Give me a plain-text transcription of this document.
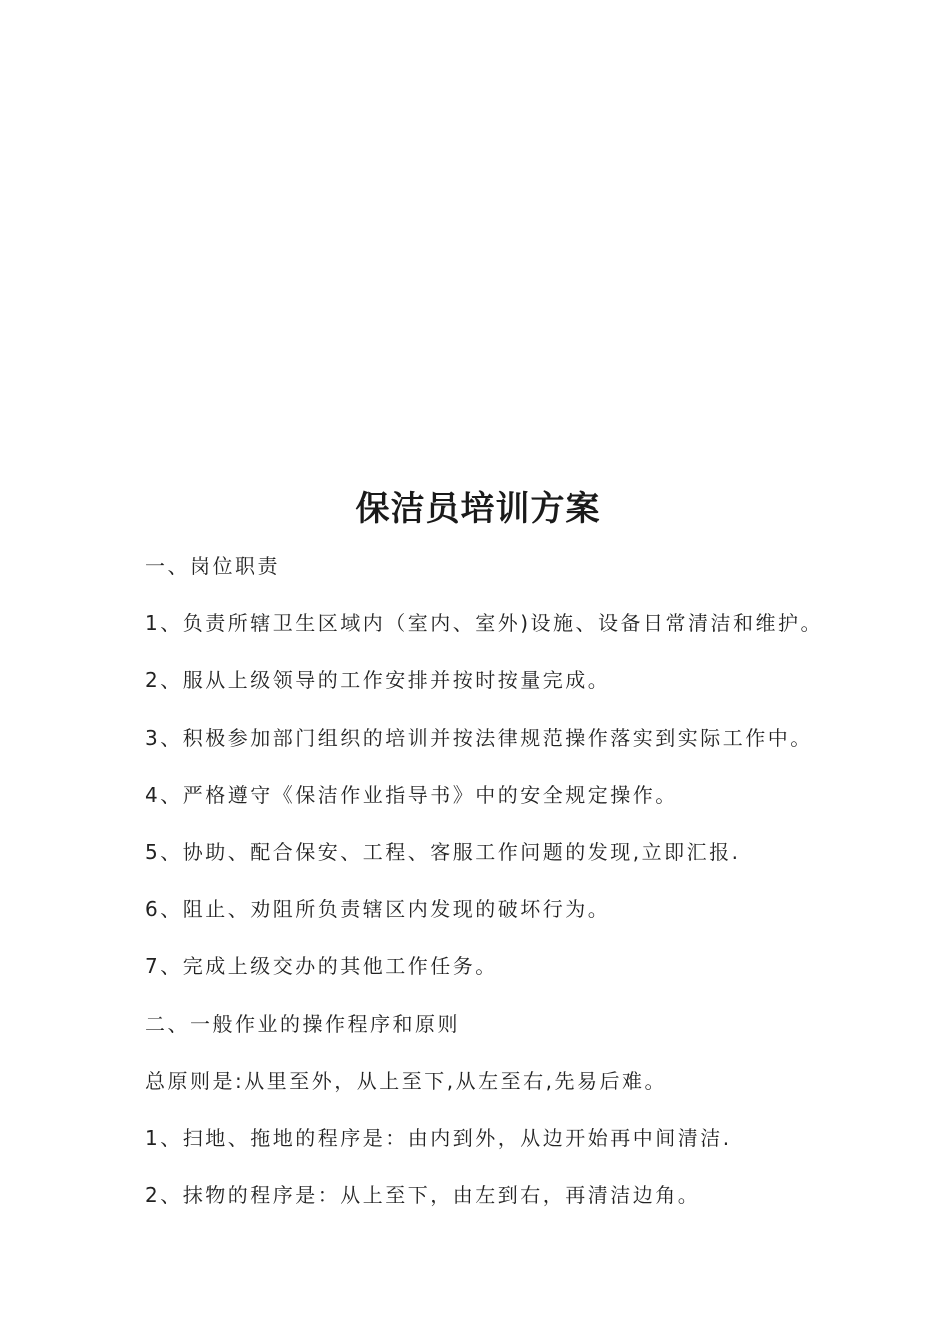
保洁员培训方案
一、岗位职责
1、负责所辖卫生区域内（室内、室外)设施、设备日常清洁和维护。
2、服从上级领导的工作安排并按时按量完成。
3、积极参加部门组织的培训并按法律规范操作落实到实际工作中。
4、严格遵守《保洁作业指导书》中的安全规定操作。
5、协助、配合保安、工程、客服工作问题的发现,立即汇报.
6、阻止、劝阻所负责辖区内发现的破坏行为。
7、完成上级交办的其他工作任务。
二、一般作业的操作程序和原则
总原则是:从里至外，从上至下,从左至右,先易后难。
1、扫地、拖地的程序是：由内到外，从边开始再中间清洁.
2、抹物的程序是：从上至下，由左到右，再清洁边角。
